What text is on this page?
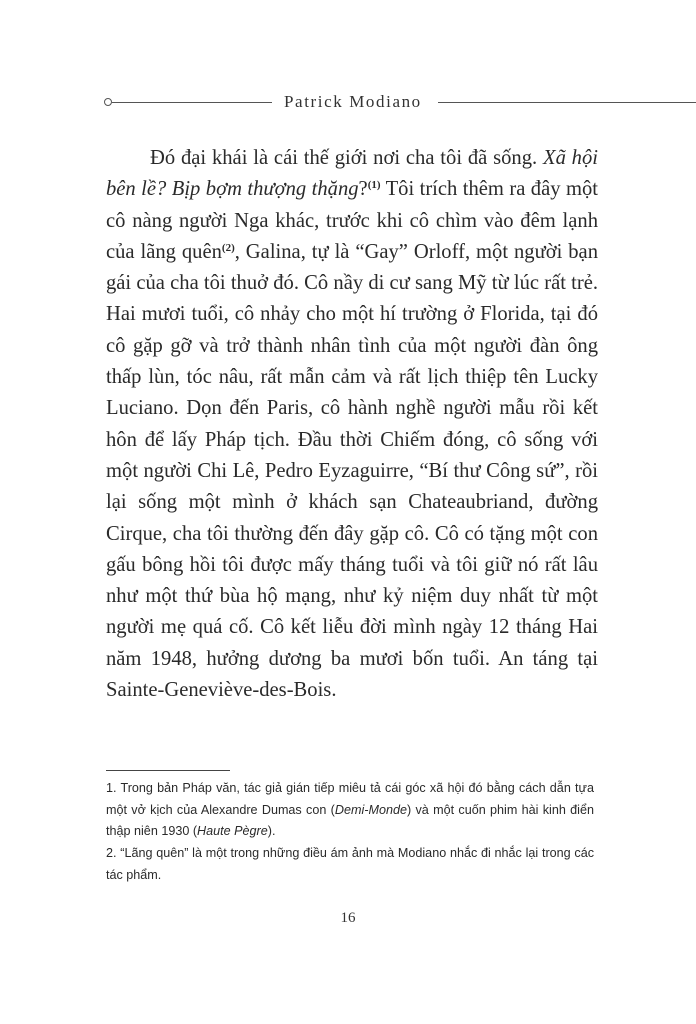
Patrick Modiano

Đó đại khái là cái thế giới nơi cha tôi đã sống. Xã hội bên lề? Bịp bợm thượng thặng?$^{(1)}$ Tôi trích thêm ra đây một cô nàng người Nga khác, trước khi cô chìm vào đêm lạnh của lãng quên$^{(2)}$, Galina, tự là “Gay” Orloff, một người bạn gái của cha tôi thuở đó. Cô nầy di cư sang Mỹ từ lúc rất trẻ. Hai mươi tuổi, cô nhảy cho một hí trường ở Florida, tại đó cô gặp gỡ và trở thành nhân tình của một người đàn ông thấp lùn, tóc nâu, rất mẫn cảm và rất lịch thiệp tên Lucky Luciano. Dọn đến Paris, cô hành nghề người mẫu rồi kết hôn để lấy Pháp tịch. Đầu thời Chiếm đóng, cô sống với một người Chi Lê, Pedro Eyzaguirre, “Bí thư Công sứ”, rồi lại sống một mình ở khách sạn Chateaubriand, đường Cirque, cha tôi thường đến đây gặp cô. Cô có tặng một con gấu bông hồi tôi được mấy tháng tuổi và tôi giữ nó rất lâu như một thứ bùa hộ mạng, như kỷ niệm duy nhất từ một người mẹ quá cố. Cô kết liễu đời mình ngày 12 tháng Hai năm 1948, hưởng dương ba mươi bốn tuổi. An táng tại Sainte-Geneviève-des-Bois.

1. Trong bản Pháp văn, tác giả gián tiếp miêu tả cái góc xã hội đó bằng cách dẫn tựa một vở kịch của Alexandre Dumas con (Demi-Monde) và một cuốn phim hài kinh điển thập niên 1930 (Haute Pègre).

2. “Lãng quên” là một trong những điều ám ảnh mà Modiano nhắc đi nhắc lại trong các tác phẩm.

16
